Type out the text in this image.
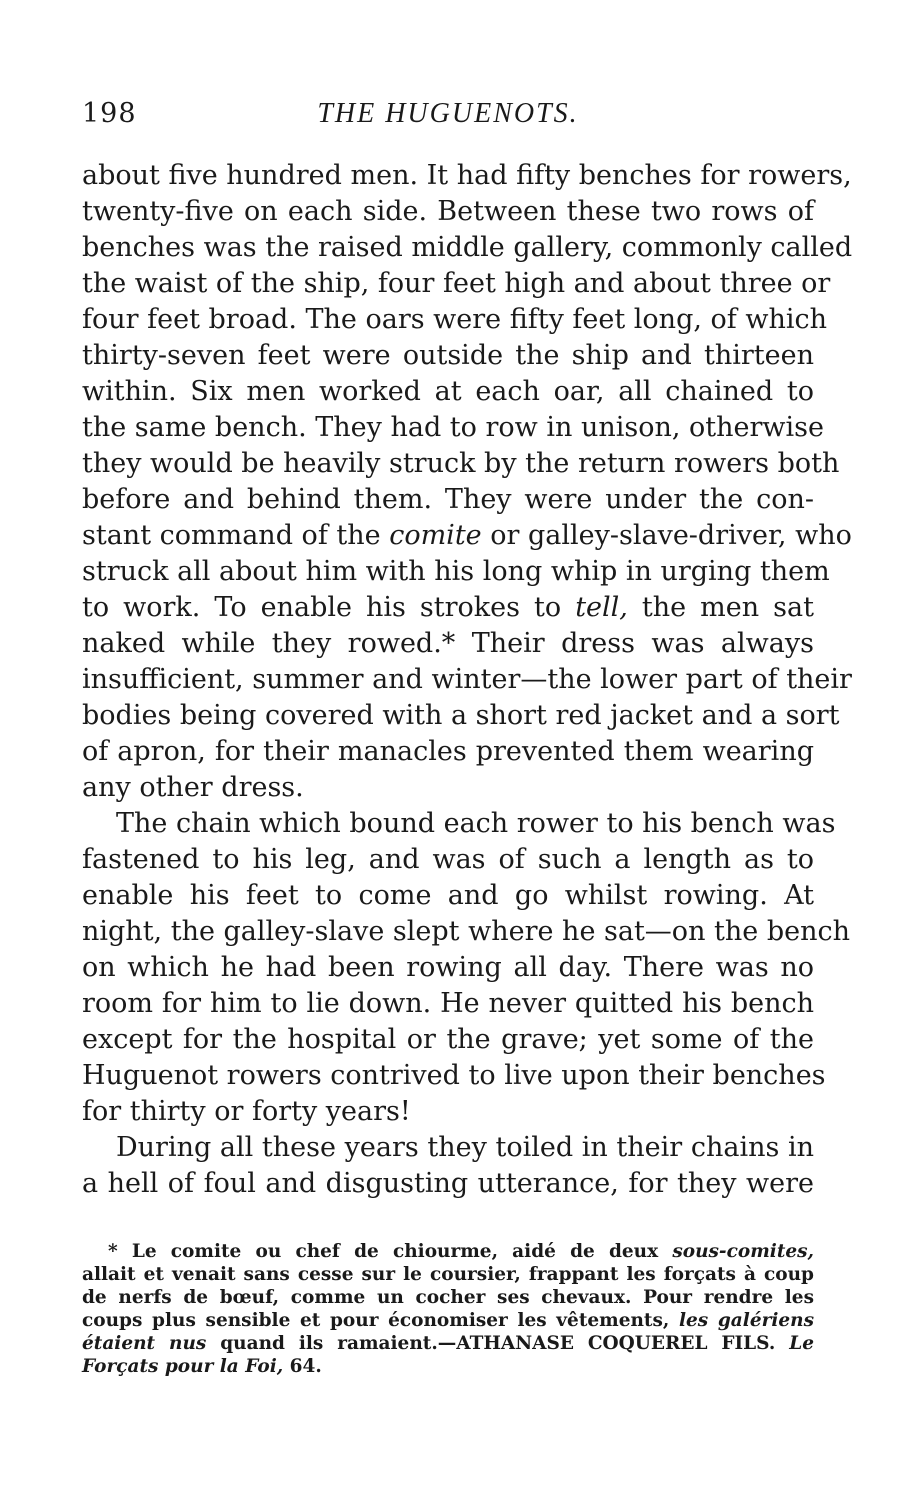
198	THE HUGUENOTS.
about five hundred men. It had fifty benches for rowers,
twenty-five on each side. Between these two rows of
benches was the raised middle gallery, commonly called
the waist of the ship, four feet high and about three or
four feet broad. The oars were fifty feet long, of which
thirty-seven feet were outside the ship and thirteen
within. Six men worked at each oar, all chained to
the same bench. They had to row in unison, otherwise
they would be heavily struck by the return rowers both
before and behind them. They were under the con-
stant command of the comite or galley-slave-driver, who
struck all about him with his long whip in urging them
to work. To enable his strokes to tell, the men sat
naked while they rowed.* Their dress was always
insufficient, summer and winter—the lower part of their
bodies being covered with a short red jacket and a sort
of apron, for their manacles prevented them wearing
any other dress.
The chain which bound each rower to his bench was
fastened to his leg, and was of such a length as to
enable his feet to come and go whilst rowing. At
night, the galley-slave slept where he sat—on the bench
on which he had been rowing all day. There was no
room for him to lie down. He never quitted his bench
except for the hospital or the grave; yet some of the
Huguenot rowers contrived to live upon their benches
for thirty or forty years!
During all these years they toiled in their chains in
a hell of foul and disgusting utterance, for they were
* Le comite ou chef de chiourme, aidé de deux sous-comites,
allait et venait sans cesse sur le coursier, frappant les forçats à coup
de nerfs de bœuf, comme un cocher ses chevaux. Pour rendre les
coups plus sensible et pour économiser les vêtements, les galériens
étaient nus quand ils ramaient.—ATHANASE COQUEREL FILS. Le
Forçats pour la Foi, 64.
